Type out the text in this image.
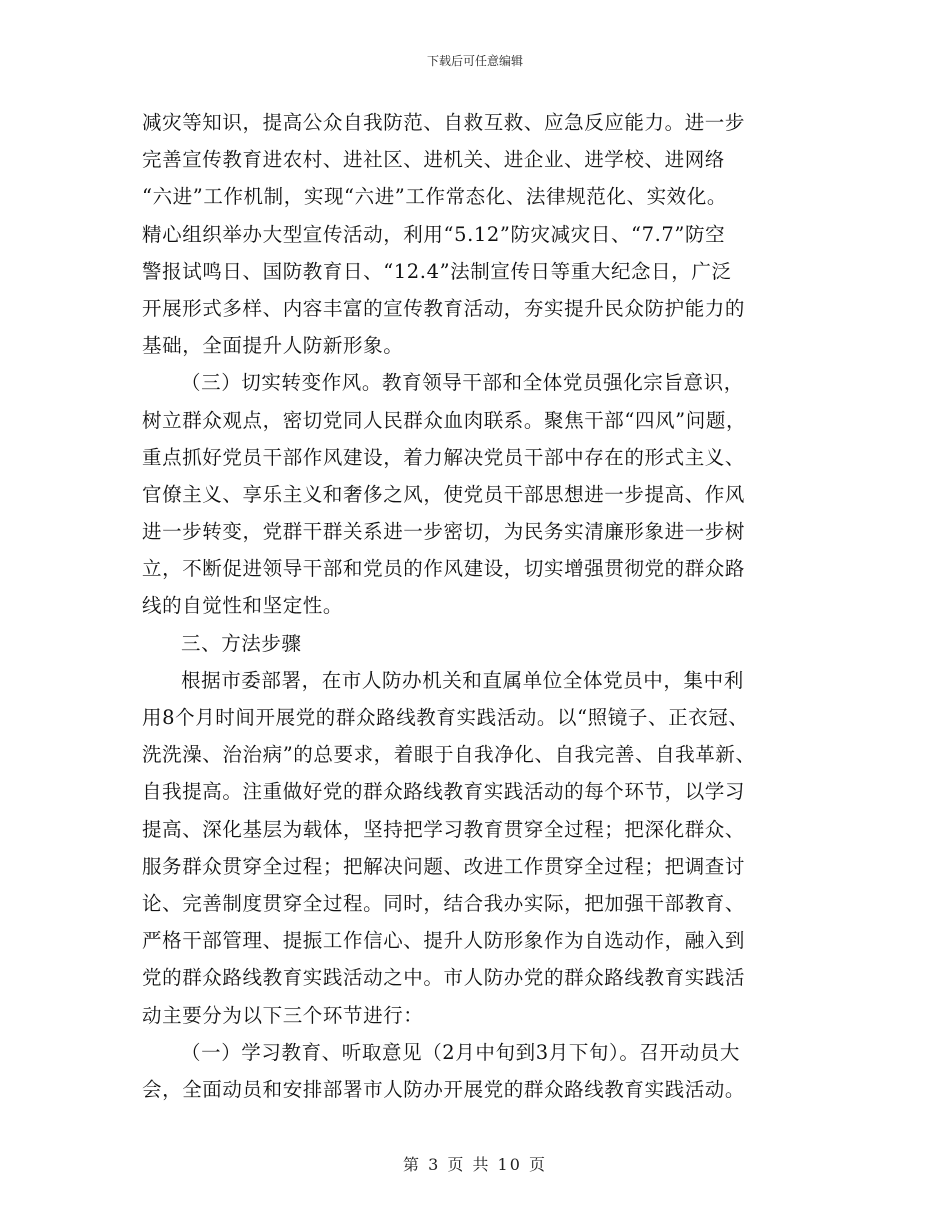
下载后可任意编辑
减灾等知识，提高公众自我防范、自救互救、应急反应能力。进一步
完善宣传教育进农村、进社区、进机关、进企业、进学校、进网络
“六进”工作机制，实现“六进”工作常态化、法律规范化、实效化。
精心组织举办大型宣传活动，利用“5.12”防灾减灾日、“7.7”防空
警报试鸣日、国防教育日、“12.4”法制宣传日等重大纪念日，广泛
开展形式多样、内容丰富的宣传教育活动，夯实提升民众防护能力的
基础，全面提升人防新形象。
（三）切实转变作风。教育领导干部和全体党员强化宗旨意识，
树立群众观点，密切党同人民群众血肉联系。聚焦干部“四风”问题，
重点抓好党员干部作风建设，着力解决党员干部中存在的形式主义、
官僚主义、享乐主义和奢侈之风，使党员干部思想进一步提高、作风
进一步转变，党群干群关系进一步密切，为民务实清廉形象进一步树
立，不断促进领导干部和党员的作风建设，切实增强贯彻党的群众路
线的自觉性和坚定性。
三、方法步骤
根据市委部署，在市人防办机关和直属单位全体党员中，集中利
用8个月时间开展党的群众路线教育实践活动。以“照镜子、正衣冠、
洗洗澡、治治病”的总要求，着眼于自我净化、自我完善、自我革新、
自我提高。注重做好党的群众路线教育实践活动的每个环节，以学习
提高、深化基层为载体，坚持把学习教育贯穿全过程；把深化群众、
服务群众贯穿全过程；把解决问题、改进工作贯穿全过程；把调查讨
论、完善制度贯穿全过程。同时，结合我办实际，把加强干部教育、
严格干部管理、提振工作信心、提升人防形象作为自选动作，融入到
党的群众路线教育实践活动之中。市人防办党的群众路线教育实践活
动主要分为以下三个环节进行：
（一）学习教育、听取意见（2月中旬到3月下旬）。召开动员大
会，全面动员和安排部署市人防办开展党的群众路线教育实践活动。
第 3 页 共 10 页
